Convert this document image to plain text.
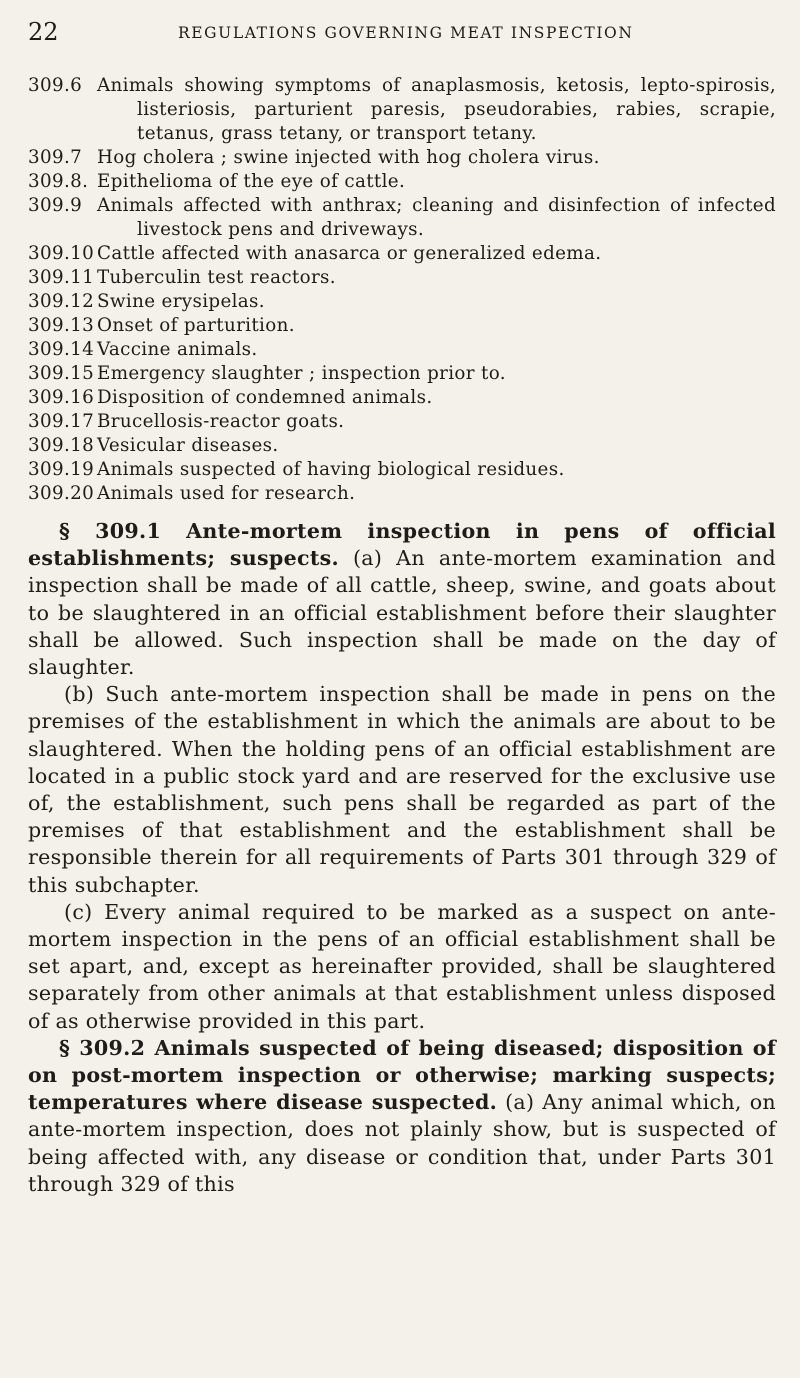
22	REGULATIONS GOVERNING MEAT INSPECTION
309.6 Animals showing symptoms of anaplasmosis, ketosis, lepto-spirosis, listeriosis, parturient paresis, pseudorabies, rabies, scrapie, tetanus, grass tetany, or transport tetany.
309.7 Hog cholera ; swine injected with hog cholera virus.
309.8. Epithelioma of the eye of cattle.
309.9 Animals affected with anthrax; cleaning and disinfection of infected livestock pens and driveways.
309.10 Cattle affected with anasarca or generalized edema.
309.11 Tuberculin test reactors.
309.12 Swine erysipelas.
309.13 Onset of parturition.
309.14 Vaccine animals.
309.15 Emergency slaughter ; inspection prior to.
309.16 Disposition of condemned animals.
309.17 Brucellosis-reactor goats.
309.18 Vesicular diseases.
309.19 Animals suspected of having biological residues.
309.20 Animals used for research.

§ 309.1 Ante-mortem inspection in pens of official establishments; suspects. (a) An ante-mortem examination and inspection shall be made of all cattle, sheep, swine, and goats about to be slaughtered in an official establishment before their slaughter shall be allowed. Such inspection shall be made on the day of slaughter.

(b) Such ante-mortem inspection shall be made in pens on the premises of the establishment in which the animals are about to be slaughtered. When the holding pens of an official establishment are located in a public stock yard and are reserved for the exclusive use of, the establishment, such pens shall be regarded as part of the premises of that establishment and the establishment shall be responsible therein for all requirements of Parts 301 through 329 of this subchapter.

(c) Every animal required to be marked as a suspect on ante-mortem inspection in the pens of an official establishment shall be set apart, and, except as hereinafter provided, shall be slaughtered separately from other animals at that establishment unless disposed of as otherwise provided in this part.

§ 309.2 Animals suspected of being diseased; disposition of on post-mortem inspection or otherwise; marking suspects; temperatures where disease suspected. (a) Any animal which, on ante-mortem inspection, does not plainly show, but is suspected of being affected with, any disease or condition that, under Parts 301 through 329 of this
